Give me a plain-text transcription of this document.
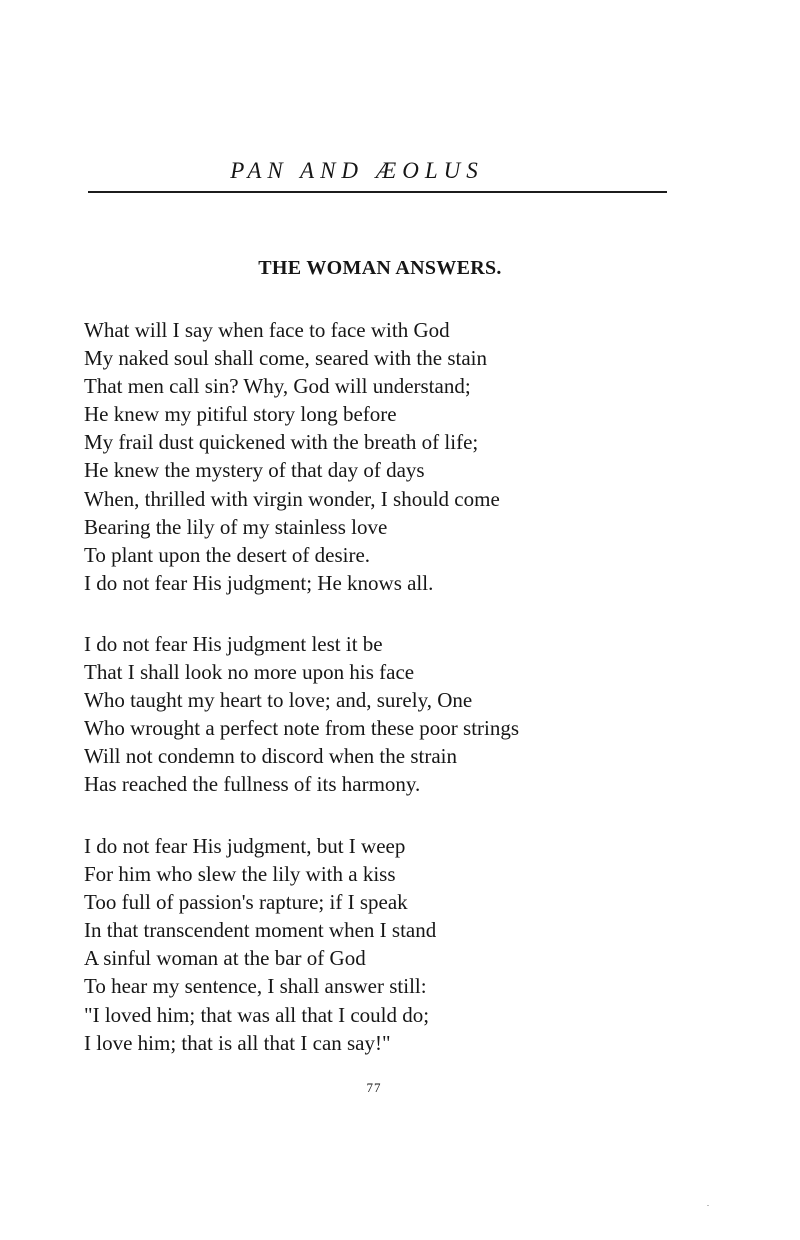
PAN AND ÆOLUS
THE WOMAN ANSWERS.
What will I say when face to face with God
My naked soul shall come, seared with the stain
That men call sin? Why, God will understand;
He knew my pitiful story long before
My frail dust quickened with the breath of life;
He knew the mystery of that day of days
When, thrilled with virgin wonder, I should come
Bearing the lily of my stainless love
To plant upon the desert of desire.
I do not fear His judgment; He knows all.
I do not fear His judgment lest it be
That I shall look no more upon his face
Who taught my heart to love; and, surely, One
Who wrought a perfect note from these poor strings
Will not condemn to discord when the strain
Has reached the fullness of its harmony.
I do not fear His judgment, but I weep
For him who slew the lily with a kiss
Too full of passion's rapture; if I speak
In that transcendent moment when I stand
A sinful woman at the bar of God
To hear my sentence, I shall answer still:
"I loved him; that was all that I could do;
I love him; that is all that I can say!"
77
